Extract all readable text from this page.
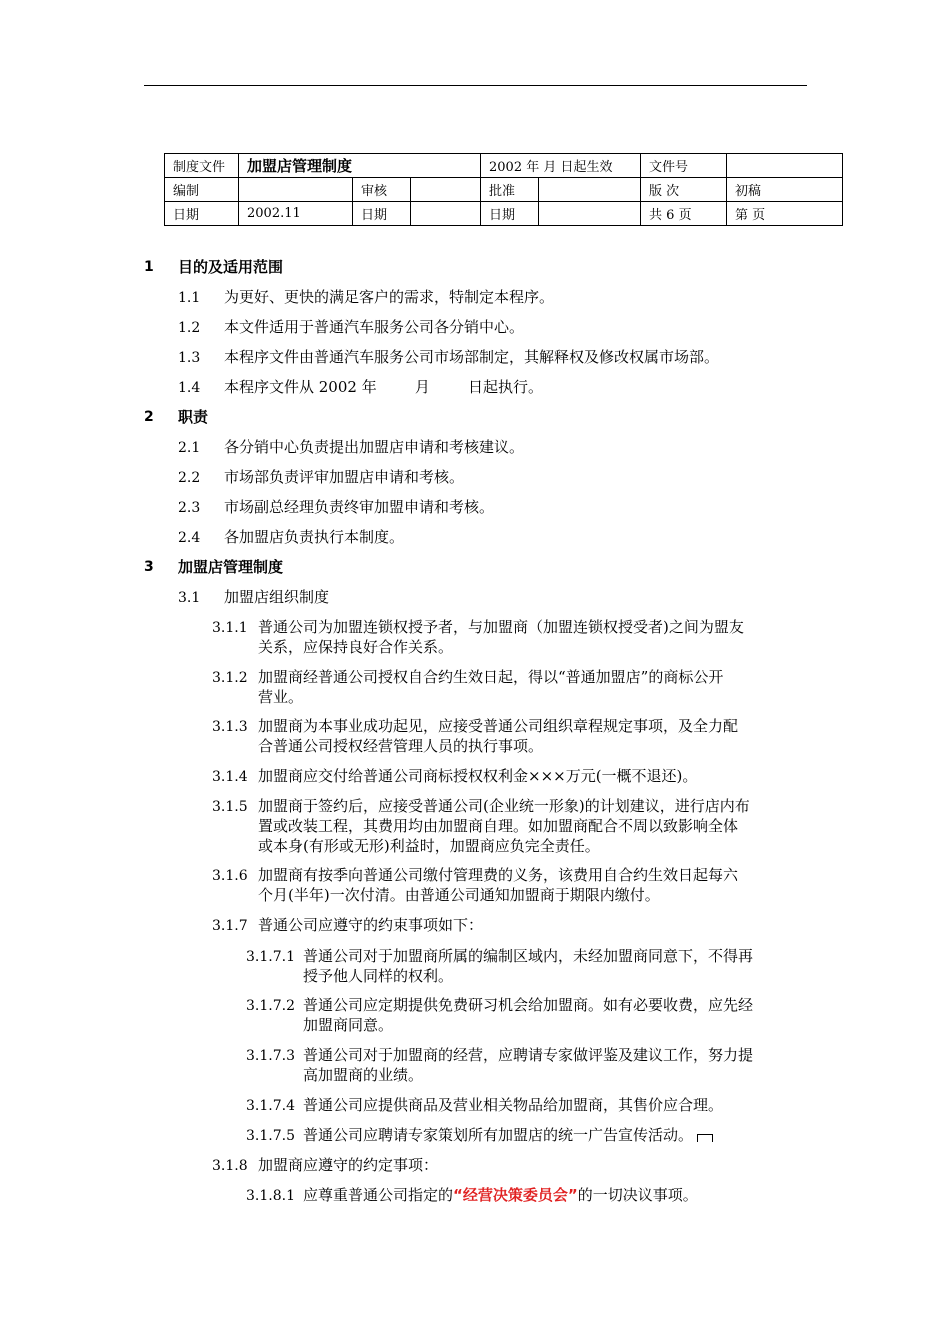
制度文件	加盟店管理制度			2002 年 月 日起生效		文件号	
编制		审核		批准		版 次	初稿
日期	2002.11	日期		日期		共 6 页	第 页
1 目的及适用范围
1.1 为更好、更快的满足客户的需求，特制定本程序。
1.2 本文件适用于普通汽车服务公司各分销中心。
1.3 本程序文件由普通汽车服务公司市场部制定，其解释权及修改权属市场部。
1.4 本程序文件从 2002 年        月        日起执行。
2 职责
2.1 各分销中心负责提出加盟店申请和考核建议。
2.2 市场部负责评审加盟店申请和考核。
2.3 市场副总经理负责终审加盟申请和考核。
2.4 各加盟店负责执行本制度。
3 加盟店管理制度
3.1 加盟店组织制度
3.1.1 普通公司为加盟连锁权授予者，与加盟商（加盟连锁权授受者)之间为盟友
关系，应保持良好合作关系。
3.1.2 加盟商经普通公司授权自合约生效日起，得以“普通加盟店”的商标公开
营业。
3.1.3 加盟商为本事业成功起见，应接受普通公司组织章程规定事项，及全力配
合普通公司授权经营管理人员的执行事项。
3.1.4 加盟商应交付给普通公司商标授权权利金×××万元(一概不退还)。
3.1.5 加盟商于签约后，应接受普通公司(企业统一形象)的计划建议，进行店内布
置或改装工程，其费用均由加盟商自理。如加盟商配合不周以致影响全体
或本身(有形或无形)利益时，加盟商应负完全责任。
3.1.6 加盟商有按季向普通公司缴付管理费的义务，该费用自合约生效日起每六
个月(半年)一次付清。由普通公司通知加盟商于期限内缴付。
3.1.7 普通公司应遵守的约束事项如下：
3.1.7.1 普通公司对于加盟商所属的编制区域内，未经加盟商同意下，不得再
授予他人同样的权利。
3.1.7.2 普通公司应定期提供免费研习机会给加盟商。如有必要收费，应先经
加盟商同意。
3.1.7.3 普通公司对于加盟商的经营，应聘请专家做评鉴及建议工作，努力提
高加盟商的业绩。
3.1.7.4 普通公司应提供商品及营业相关物品给加盟商，其售价应合理。
3.1.7.5 普通公司应聘请专家策划所有加盟店的统一广告宣传活动。
3.1.8 加盟商应遵守的约定事项：
3.1.8.1 应尊重普通公司指定的“经营决策委员会”的一切决议事项。
